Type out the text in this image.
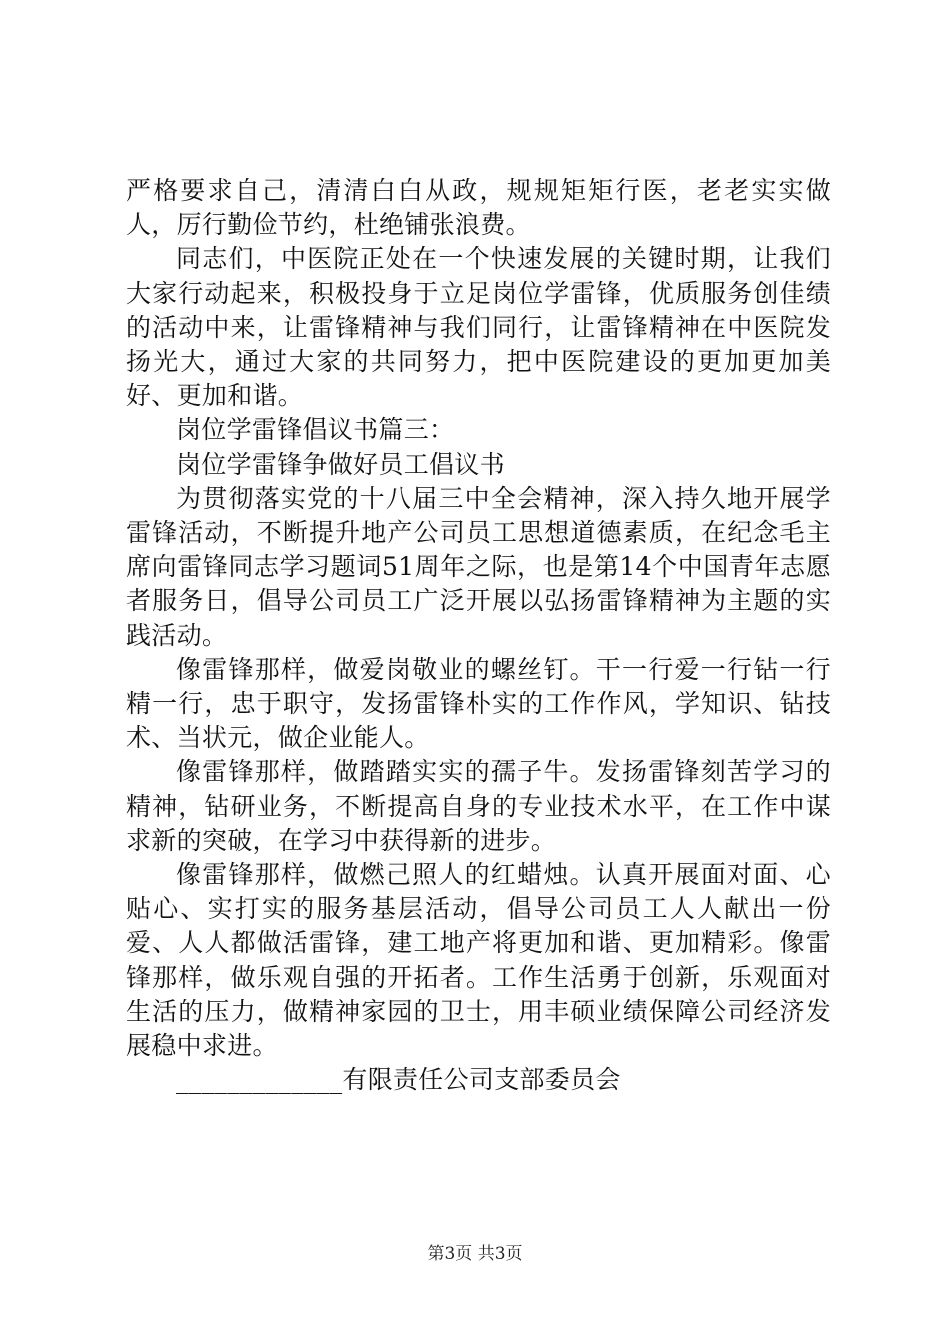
严格要求自己，清清白白从政，规规矩矩行医，老老实实做人，厉行勤俭节约，杜绝铺张浪费。

同志们，中医院正处在一个快速发展的关键时期，让我们大家行动起来，积极投身于立足岗位学雷锋，优质服务创佳绩的活动中来，让雷锋精神与我们同行，让雷锋精神在中医院发扬光大，通过大家的共同努力，把中医院建设的更加更加美好、更加和谐。

岗位学雷锋倡议书篇三：

岗位学雷锋争做好员工倡议书

为贯彻落实党的十八届三中全会精神，深入持久地开展学雷锋活动，不断提升地产公司员工思想道德素质，在纪念毛主席向雷锋同志学习题词51周年之际，也是第14个中国青年志愿者服务日，倡导公司员工广泛开展以弘扬雷锋精神为主题的实践活动。

像雷锋那样，做爱岗敬业的螺丝钉。干一行爱一行钻一行精一行，忠于职守，发扬雷锋朴实的工作作风，学知识、钻技术、当状元，做企业能人。

像雷锋那样，做踏踏实实的孺子牛。发扬雷锋刻苦学习的精神，钻研业务，不断提高自身的专业技术水平，在工作中谋求新的突破，在学习中获得新的进步。

像雷锋那样，做燃己照人的红蜡烛。认真开展面对面、心贴心、实打实的服务基层活动，倡导公司员工人人献出一份爱、人人都做活雷锋，建工地产将更加和谐、更加精彩。像雷锋那样，做乐观自强的开拓者。工作生活勇于创新，乐观面对生活的压力，做精神家园的卫士，用丰硕业绩保障公司经济发展稳中求进。

_____________有限责任公司支部委员会

第3页 共3页
